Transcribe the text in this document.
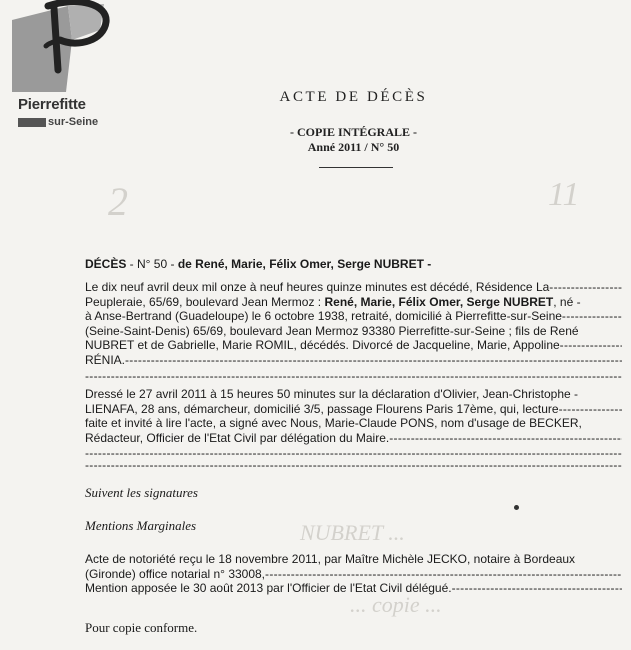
Pierrefitte
sur-Seine
ACTE DE DÉCÈS
- COPIE INTÉGRALE -
Anné 2011 / N° 50
2	11
DÉCÈS - N° 50 - de René, Marie, Félix Omer, Serge NUBRET -
Le dix neuf avril deux mil onze à neuf heures quinze minutes est décédé, Résidence La
-----
Peupleraie, 65/69, boulevard Jean Mermoz : René, Marie, Félix Omer, Serge NUBRET, né -
à Anse-Bertrand (Guadeloupe) le 6 octobre 1938, retraité, domicilié à Pierrefitte-sur-Seine
-----
(Seine-Saint-Denis) 65/69, boulevard Jean Mermoz 93380 Pierrefitte-sur-Seine ; fils de René
NUBRET et de Gabrielle, Marie ROMIL, décédés. Divorcé de Jacqueline, Marie, Appoline
-----
RÉNIA.
-----
-----
Dressé le 27 avril 2011 à 15 heures 50 minutes sur la déclaration d'Olivier, Jean-Christophe -
LIENAFA, 28 ans, démarcheur, domicilié 3/5, passage Flourens Paris 17ème, qui, lecture
-----
faite et invité à lire l'acte, a signé avec Nous, Marie-Claude PONS, nom d'usage de BECKER,
Rédacteur, Officier de l'Etat Civil par délégation du Maire.
-----
-----
-----
Suivent les signatures
Mentions Marginales	NUBRET ...
... copie ...
Acte de notoriété reçu le 18 novembre 2011, par Maître Michèle JECKO, notaire à Bordeaux
(Gironde) office notarial n° 33008,
-----
Mention apposée le 30 août 2013 par l'Officier de l'Etat Civil délégué.
-----
Pour copie conforme.
